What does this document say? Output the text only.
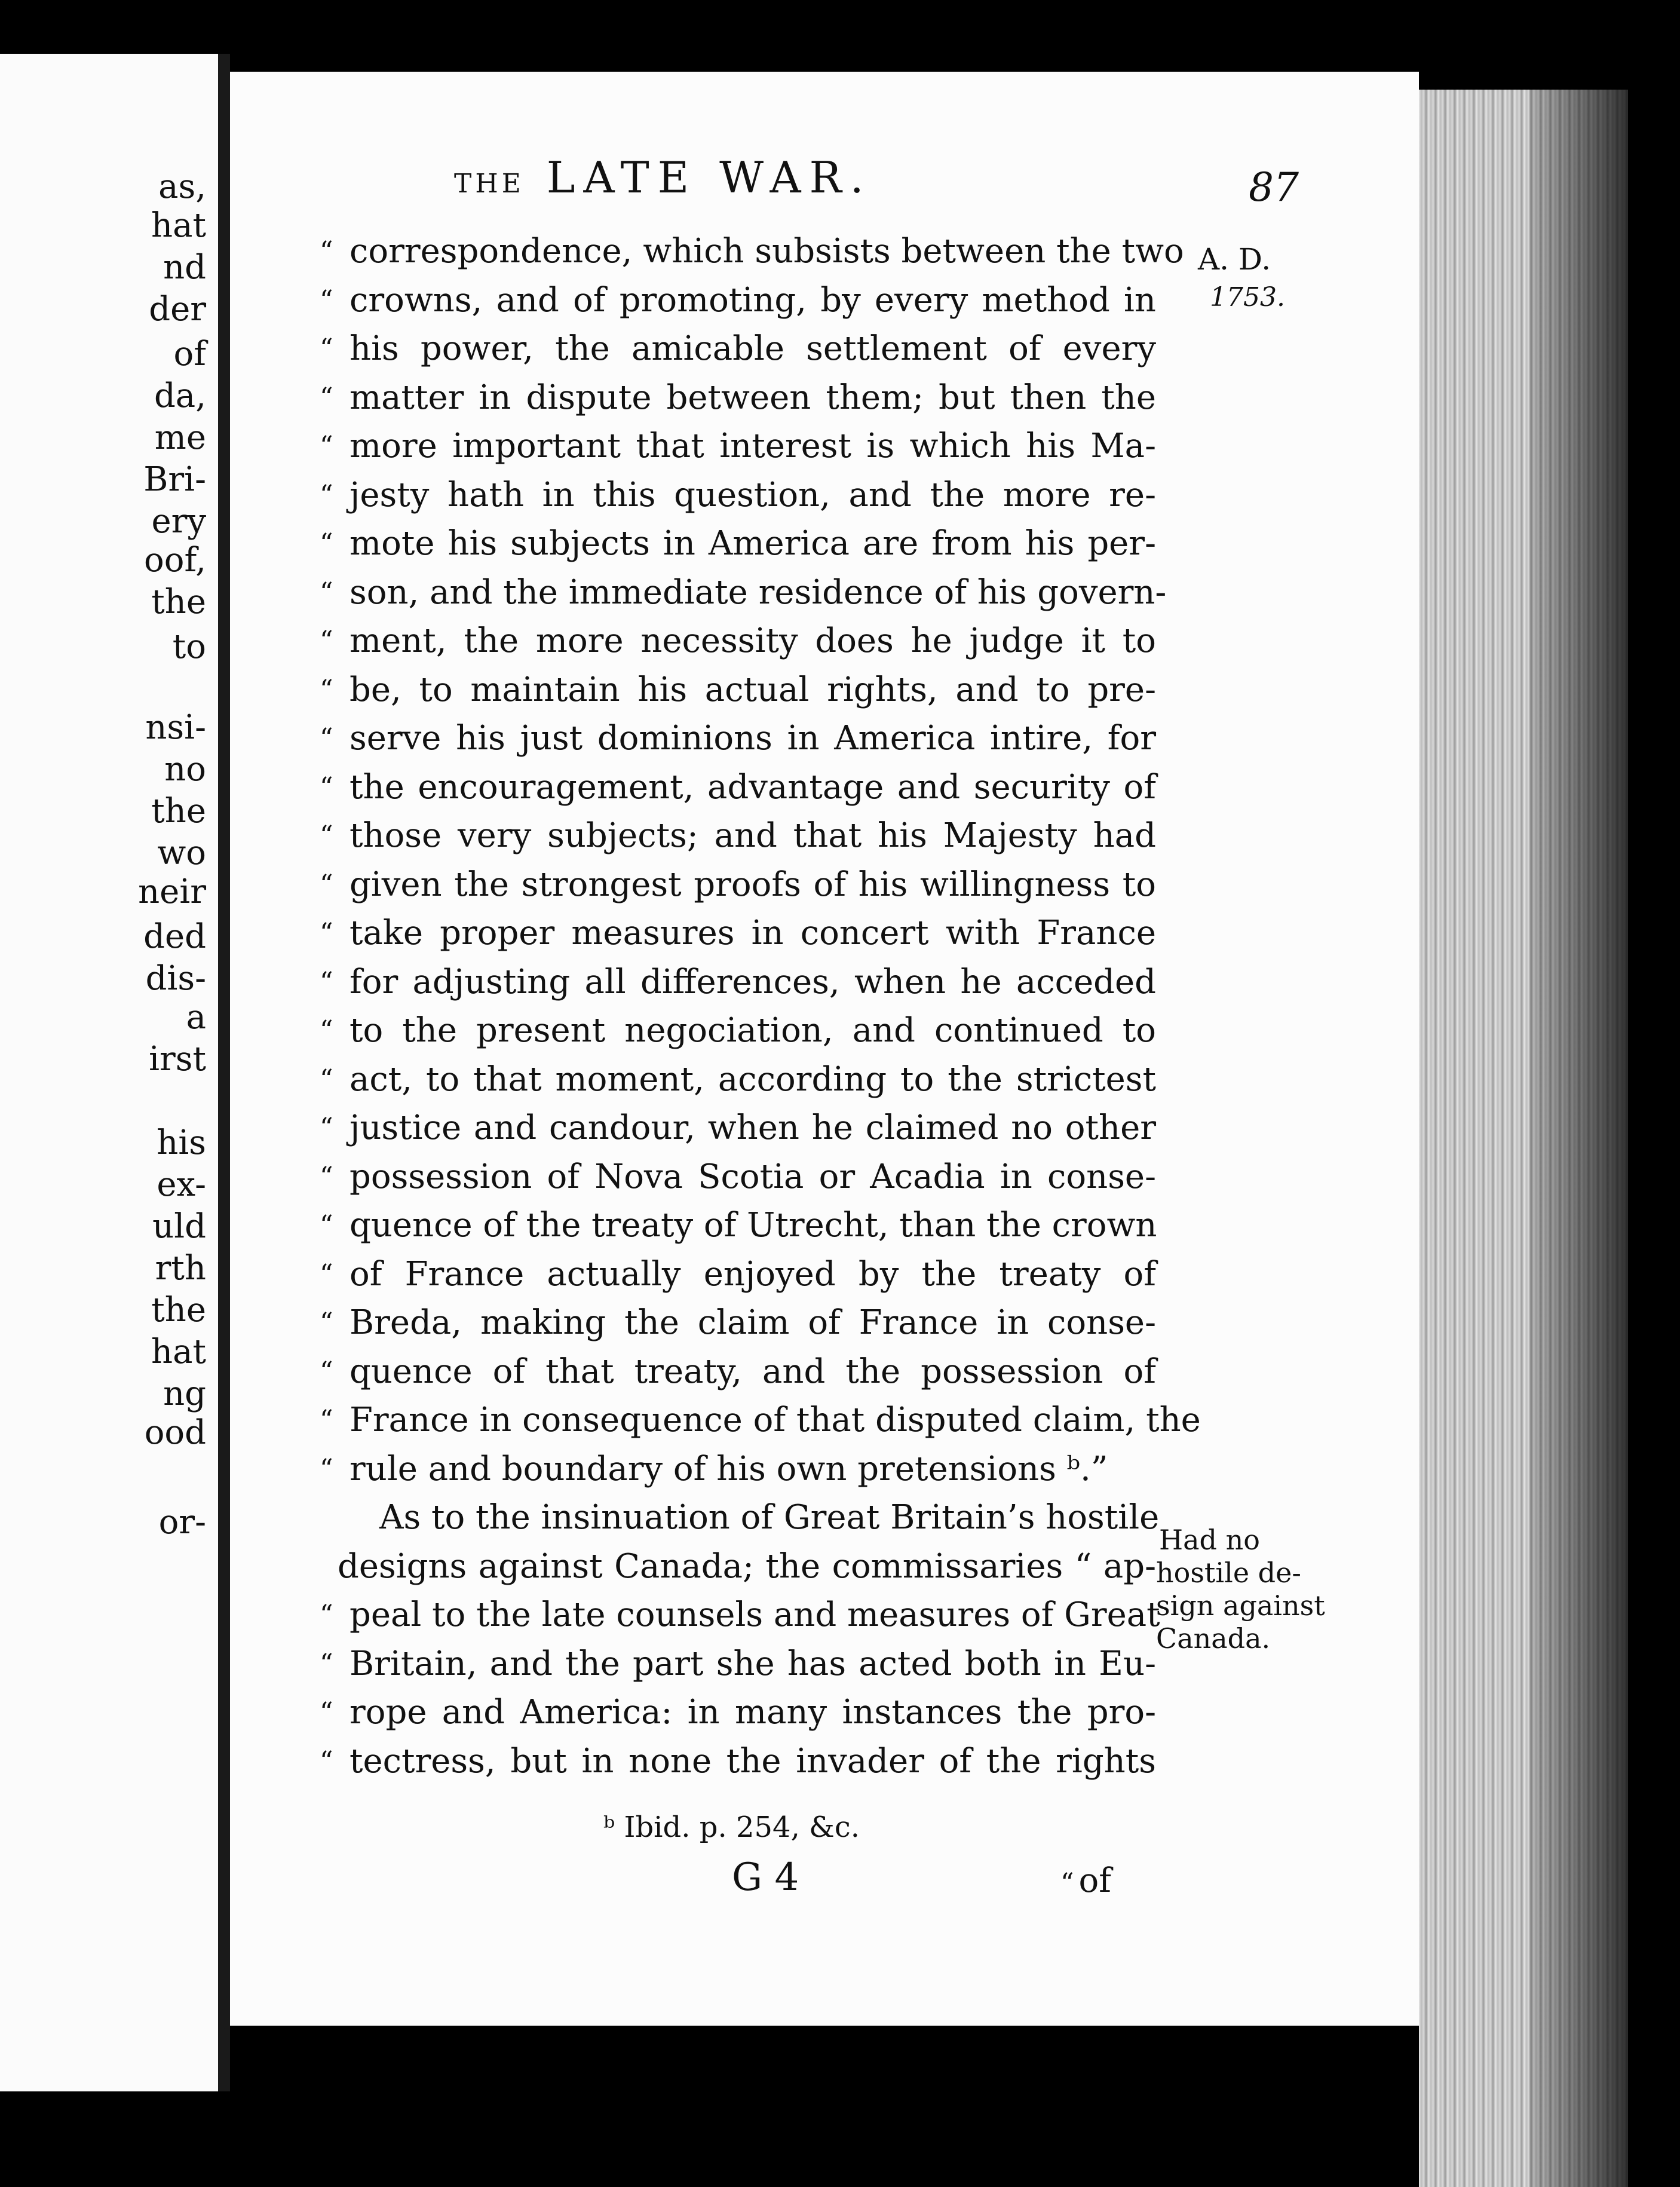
as,
hat
nd
der
of
da,
me
Bri-
ery
oof,
the
to
nsi-
no
the
wo
neir
ded
dis-
a
irst
his
ex-
uld
rth
the
hat
ng
ood
or-
THE LATE WAR.	87
A. D.
1753.
“ correspondence, which subsists between the two
“ crowns, and of promoting, by every method in
“ his power, the amicable settlement of every
“ matter in dispute between them; but then the
“ more important that interest is which his Ma-
“ jesty hath in this question, and the more re-
“ mote his subjects in America are from his per-
“ son, and the immediate residence of his govern-
“ ment, the more necessity does he judge it to
“ be, to maintain his actual rights, and to pre-
“ serve his just dominions in America intire, for
“ the encouragement, advantage and security of
“ those very subjects; and that his Majesty had
“ given the strongest proofs of his willingness to
“ take proper measures in concert with France
“ for adjusting all differences, when he acceded
“ to the present negociation, and continued to
“ act, to that moment, according to the strictest
“ justice and candour, when he claimed no other
“ possession of Nova Scotia or Acadia in conse-
“ quence of the treaty of Utrecht, than the crown
“ of France actually enjoyed by the treaty of
“ Breda, making the claim of France in conse-
“ quence of that treaty, and the possession of
“ France in consequence of that disputed claim, the
“ rule and boundary of his own pretensions ᵇ.”
As to the insinuation of Great Britain’s hostile
designs against Canada; the commissaries “ ap-
“ peal to the late counsels and measures of Great
“ Britain, and the part she has acted both in Eu-
“ rope and America: in many instances the pro-
“ tectress, but in none the invader of the rights
Had no
hostile de-
sign against
Canada.
ᵇ Ibid. p. 254, &c.
G 4	“ of
